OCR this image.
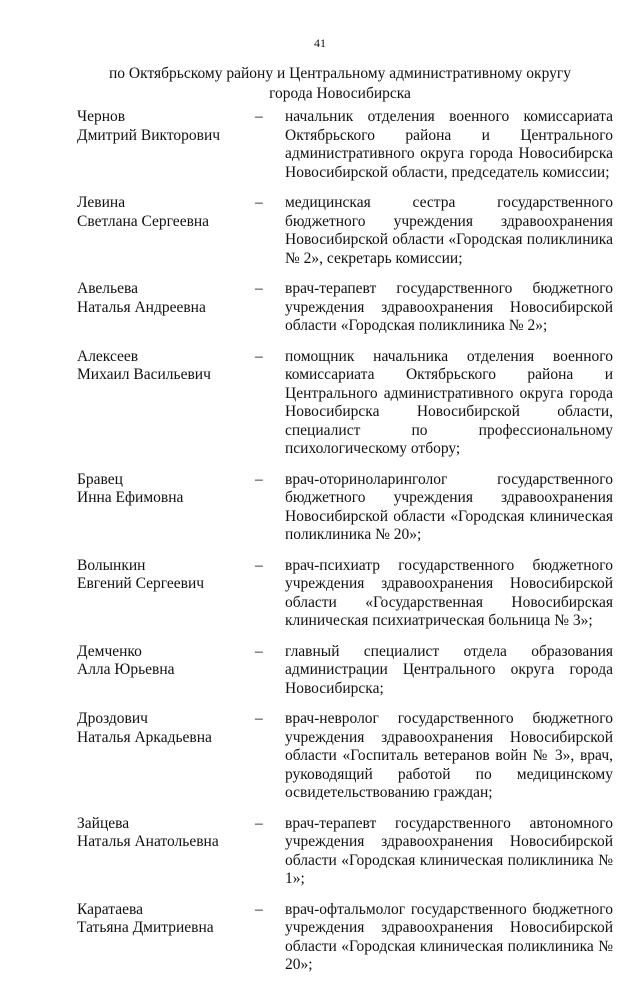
41
по Октябрьскому району и Центральному административному округу
города Новосибирска
Чернов
Дмитрий Викторович
–	начальник отделения военного комиссариата Октябрьского района и Центрального административного округа города Новосибирска Новосибирской области, председатель комиссии;
Левина
Светлана Сергеевна
–	медицинская сестра государственного бюджетного учреждения здравоохранения Новосибирской области «Городская поликлиника № 2», секретарь комиссии;
Авельева
Наталья Андреевна
–	врач-терапевт государственного бюджетного учреждения здравоохранения Новосибирской области «Городская поликлиника № 2»;
Алексеев
Михаил Васильевич
–	помощник начальника отделения военного комиссариата Октябрьского района и Центрального административного округа города Новосибирска Новосибирской области, специалист по профессиональному психологическому отбору;
Бравец
Инна Ефимовна
–	врач-оториноларинголог государственного бюджетного учреждения здравоохранения Новосибирской области «Городская клиническая поликлиника № 20»;
Волынкин
Евгений Сергеевич
–	врач-психиатр государственного бюджетного учреждения здравоохранения Новосибирской области «Государственная Новосибирская клиническая психиатрическая больница № 3»;
Демченко
Алла Юрьевна
–	главный специалист отдела образования администрации Центрального округа города Новосибирска;
Дроздович
Наталья Аркадьевна
–	врач-невролог государственного бюджетного учреждения здравоохранения Новосибирской области «Госпиталь ветеранов войн № 3», врач, руководящий работой по медицинскому освидетельствованию граждан;
Зайцева
Наталья Анатольевна
–	врач-терапевт государственного автономного учреждения здравоохранения Новосибирской области «Городская клиническая поликлиника № 1»;
Каратаева
Татьяна Дмитриевна
–	врач-офтальмолог государственного бюджетного учреждения здравоохранения Новосибирской области «Городская клиническая поликлиника № 20»;
